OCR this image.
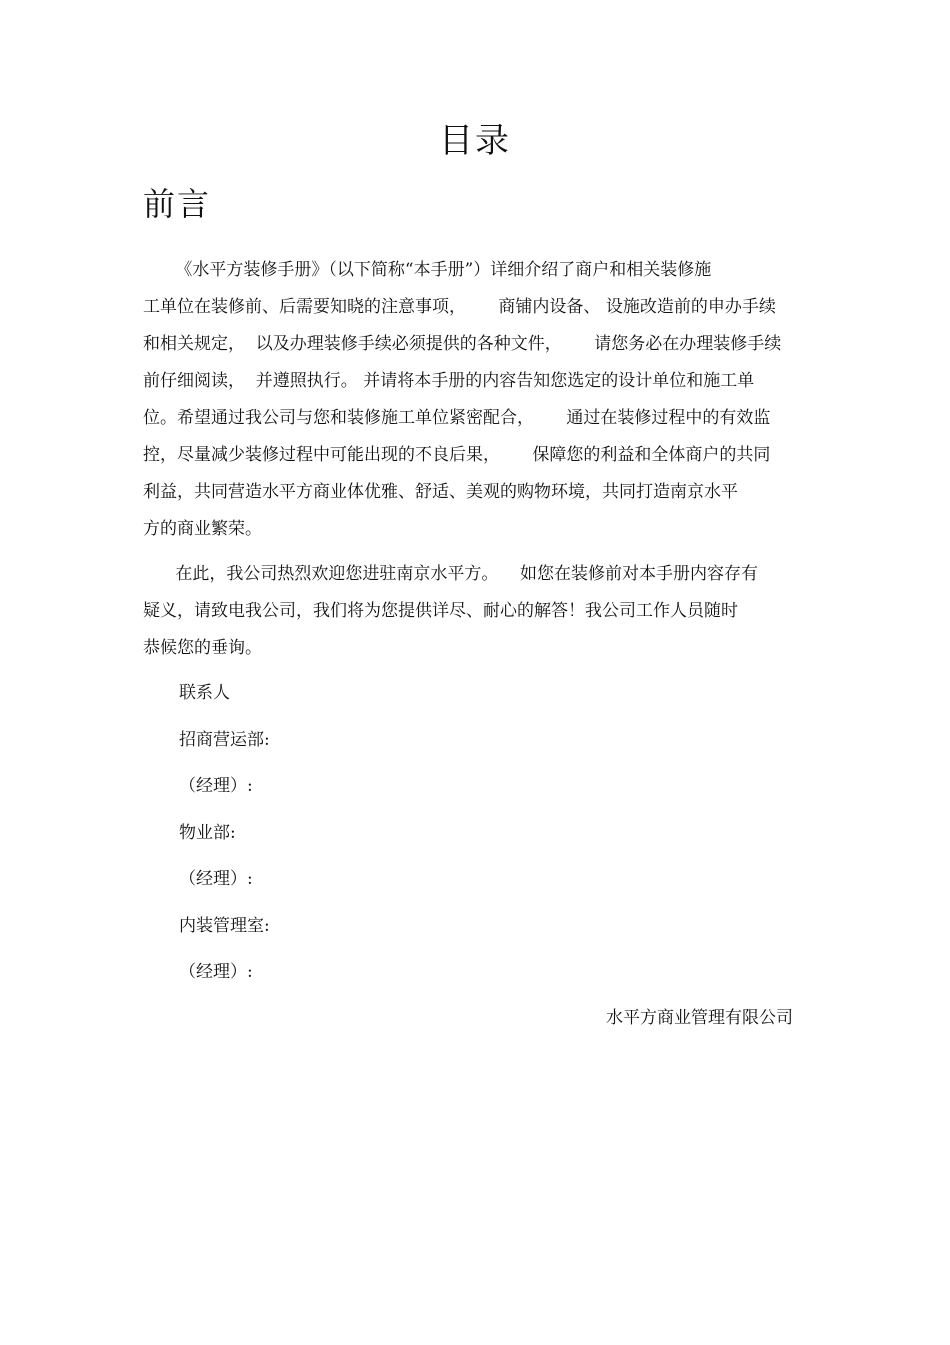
目录
前言
《水平方装修手册》（以下简称“本手册”）详细介绍了商户和相关装修施
工单位在装修前、后需要知晓的注意事项，      商铺内设备、 设施改造前的申办手续
和相关规定，  以及办理装修手续必须提供的各种文件，      请您务必在办理装修手续
前仔细阅读，  并遵照执行。 并请将本手册的内容告知您选定的设计单位和施工单
位。希望通过我公司与您和装修施工单位紧密配合，      通过在装修过程中的有效监
控，尽量减少装修过程中可能出现的不良后果，      保障您的利益和全体商户的共同
利益，共同营造水平方商业体优雅、舒适、美观的购物环境，共同打造南京水平
方的商业繁荣。
在此，我公司热烈欢迎您进驻南京水平方。    如您在装修前对本手册内容存有
疑义，请致电我公司，我们将为您提供详尽、耐心的解答！我公司工作人员随时
恭候您的垂询。
联系人
招商营运部:
（经理）:
物业部:
（经理）:
内装管理室:
（经理）:
水平方商业管理有限公司
